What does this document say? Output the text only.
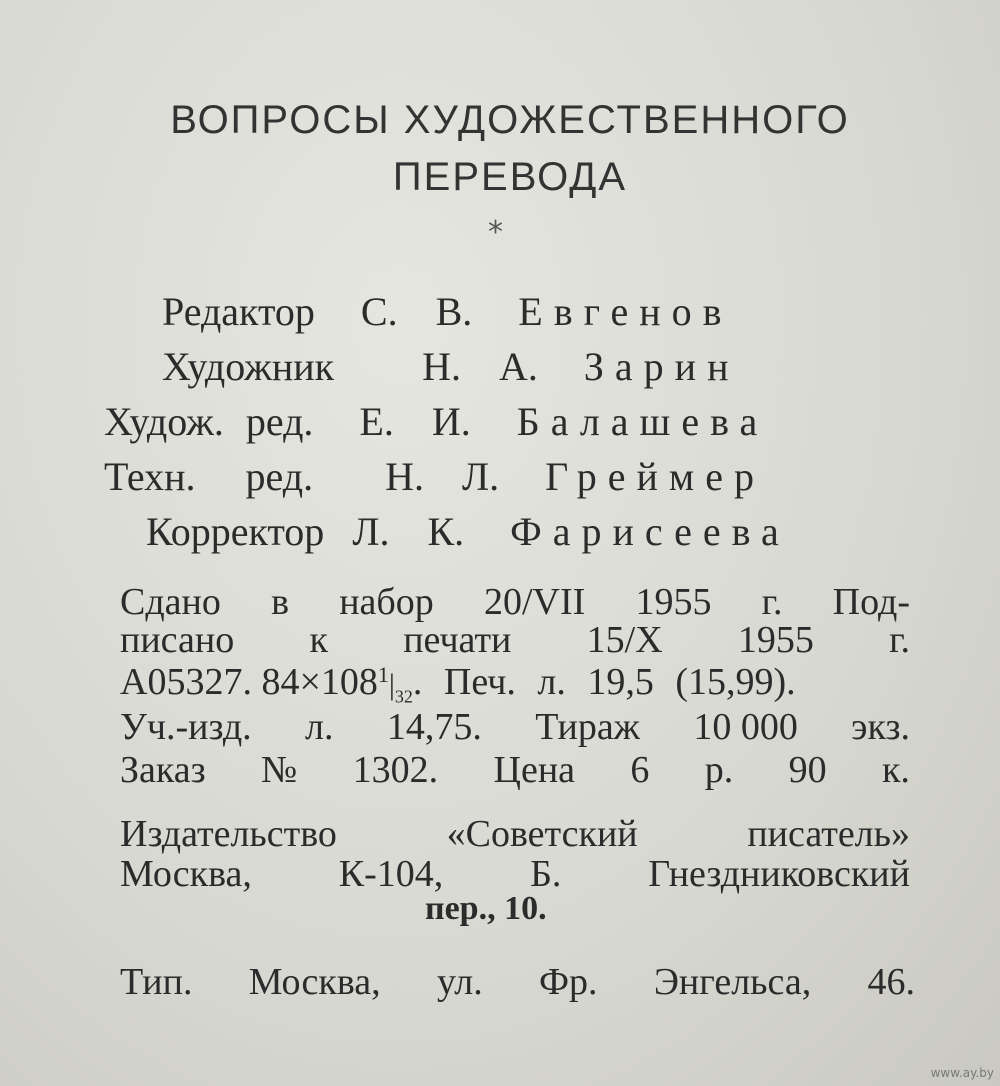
ВОПРОСЫ ХУДОЖЕСТВЕННОГО
ПЕРЕВОДА
*
Редактор С. В. Евгенов
Художник Н. А. Зарин
Худож. ред. Е. И. Балашева
Техн. ред. Н. Л. Греймер
Корректор Л. К. Фарисеева
Сдано в набор 20/VII 1955 г. Под-
писано к печати 15/X 1955 г.
А05327. $84\times 108^1|_{32}$. Печ. л. 19,5 (15,99).
Уч.-изд. л. 14,75. Тираж 10 000 экз.
Заказ № 1302. Цена 6 р. 90 к.
Издательство	«Советский	писатель»
Москва, К-104, Б. Гнездниковский
пер., 10.
Тип. Москва, ул. Фр. Энгельса, 46.
www.ay.by
